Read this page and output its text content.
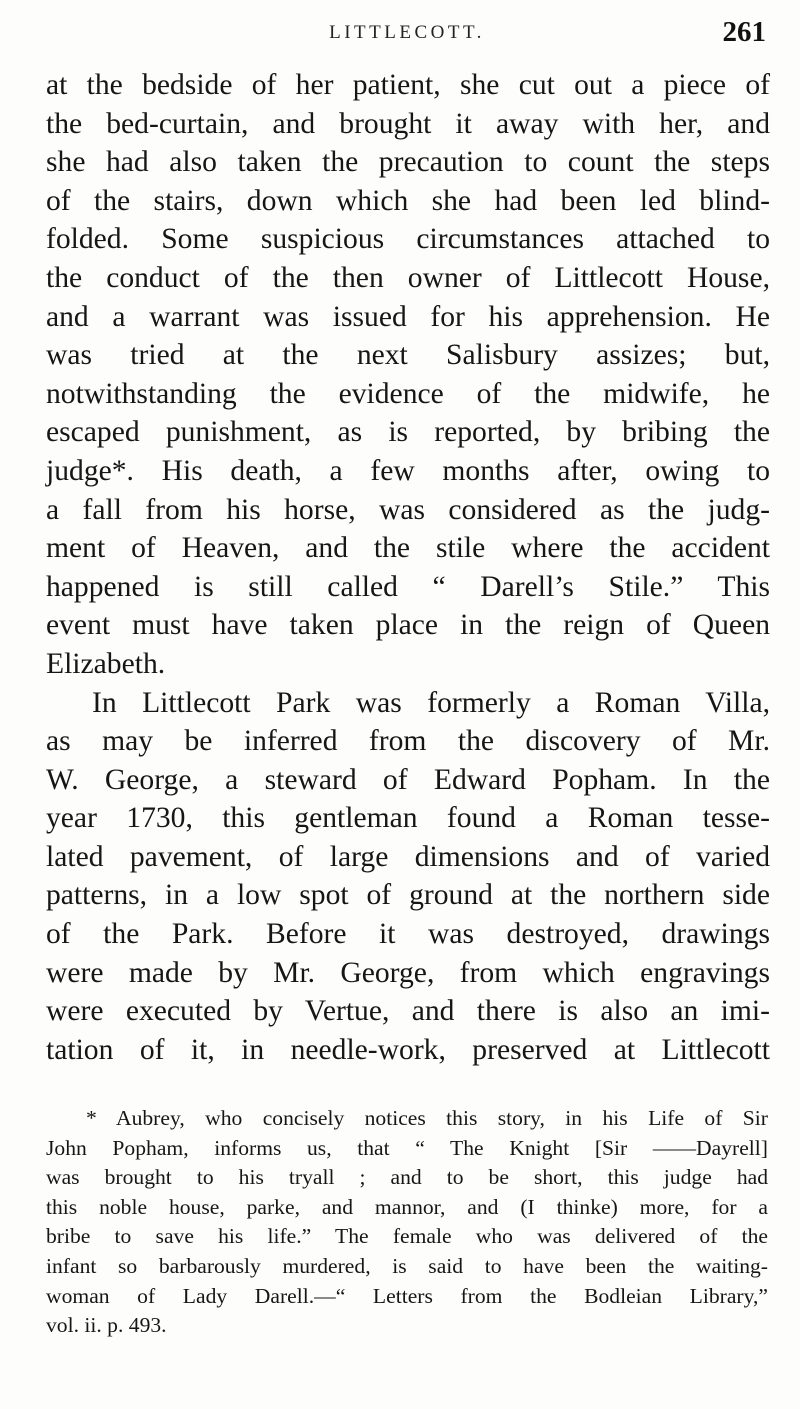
LITTLECOTT.	261
at the bedside of her patient, she cut out a piece of
the bed-curtain, and brought it away with her, and
she had also taken the precaution to count the steps
of the stairs, down which she had been led blind-
folded. Some suspicious circumstances attached to
the conduct of the then owner of Littlecott House,
and a warrant was issued for his apprehension. He
was tried at the next Salisbury assizes; but,
notwithstanding the evidence of the midwife, he
escaped punishment, as is reported, by bribing the
judge*. His death, a few months after, owing to
a fall from his horse, was considered as the judg-
ment of Heaven, and the stile where the accident
happened is still called “ Darell’s Stile.” This
event must have taken place in the reign of Queen
Elizabeth.
In Littlecott Park was formerly a Roman Villa,
as may be inferred from the discovery of Mr.
W. George, a steward of Edward Popham. In the
year 1730, this gentleman found a Roman tesse-
lated pavement, of large dimensions and of varied
patterns, in a low spot of ground at the northern side
of the Park. Before it was destroyed, drawings
were made by Mr. George, from which engravings
were executed by Vertue, and there is also an imi-
tation of it, in needle-work, preserved at Littlecott
* Aubrey, who concisely notices this story, in his Life of Sir
John Popham, informs us, that “ The Knight [Sir ——Dayrell]
was brought to his tryall ; and to be short, this judge had
this noble house, parke, and mannor, and (I thinke) more, for a
bribe to save his life.” The female who was delivered of the
infant so barbarously murdered, is said to have been the waiting-
woman of Lady Darell.—“ Letters from the Bodleian Library,”
vol. ii. p. 493.
